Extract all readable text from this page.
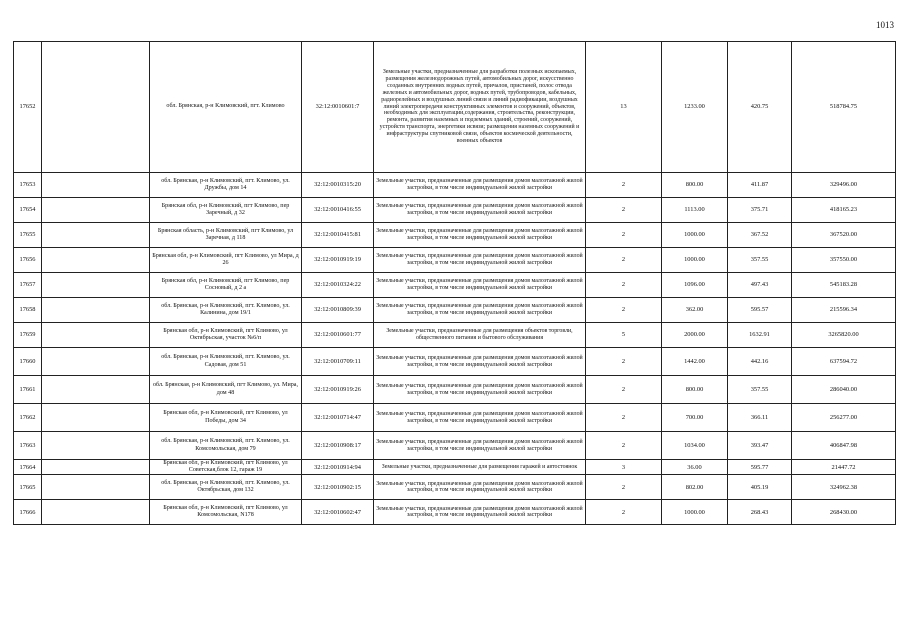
1013
17652		обл. Брянская, р-н Климовский, пгт. Климово	32:12:0010601:7	Земельные участки, предназначенные для разработки полезных ископаемых, размещения железнодорожных путей, автомобильных дорог, искусственно созданных внутренних водных путей, причалов, пристаней, полос отвода железных и автомобильных дорог, водных путей, трубопроводов, кабельных, радиорелейных и воздушных линий связи и линий радиофикации, воздушных линий электропередачи конструктивных элементов и сооружений, объектов, необходимых для эксплуатации,содержания, строительства, реконструкции, ремонта, развития наземных и подземных зданий, строений, сооружений, устройств транспорта, энергетики исвязи; размещения наземных сооружений и инфраструктуры спутниковой связи, объектов космической деятельности, военных объектов	13	1233.00	420.75	518784.75
17653		обл. Брянская, р-н Климовский, пгт. Климово, ул. Дружбы, дом 14	32:12:0010315:20	Земельные участки, предназначенные для размещения домов малоэтажной жилой застройки, в том числе индивидуальной жилой застройки	2	800.00	411.87	329496.00
17654		Брянская обл, р-н Климовский, пгт Климово, пер Заречный, д 32	32:12:0010416:55	Земельные участки, предназначенные для размещения домов малоэтажной жилой застройки, в том числе индивидуальной жилой застройки	2	1113.00	375.71	418165.23
17655		Брянская область, р-н Климовский, пгт Климово, ул Заречная, д 118	32:12:0010415:81	Земельные участки, предназначенные для размещения домов малоэтажной жилой застройки, в том числе индивидуальной жилой застройки	2	1000.00	367.52	367520.00
17656		Брянская обл, р-н Климовский, пгт Климово, ул Мира, д 26	32:12:0010919:19	Земельные участки, предназначенные для размещения домов малоэтажной жилой застройки, в том числе индивидуальной жилой застройки	2	1000.00	357.55	357550.00
17657		Брянская обл, р-н Климовский, пгт Климово, пер Сосновый, д 2 а	32:12:0010324:22	Земельные участки, предназначенные для размещения домов малоэтажной жилой застройки, в том числе индивидуальной жилой застройки	2	1096.00	497.43	545183.28
17658		обл. Брянская, р-н Климовский, пгт. Климово, ул. Калинина, дом 19/1	32:12:0010809:39	Земельные участки, предназначенные для размещения домов малоэтажной жилой застройки, в том числе индивидуальной жилой застройки	2	362.00	595.57	215596.34
17659		Брянская обл, р-н Климовский, пгт Климово, ул Октябрьская, участок №6/п	32:12:0010601:77	Земельные участки, предназначенные для размещения объектов торговли, общественного питания и бытового обслуживания	5	2000.00	1632.91	3265820.00
17660		обл. Брянская, р-н Климовский, пгт. Климово, ул. Садовая, дом 51	32:12:0010709:11	Земельные участки, предназначенные для размещения домов малоэтажной жилой застройки, в том числе индивидуальной жилой застройки	2	1442.00	442.16	637594.72
17661		обл. Брянская, р-н Климовский, пгт Климово, ул. Мира, дом 48	32:12:0010919:26	Земельные участки, предназначенные для размещения домов малоэтажной жилой застройки, в том числе индивидуальной жилой застройки	2	800.00	357.55	286040.00
17662		Брянская обл, р-н Климовский, пгт Климово, ул Победы, дом 34	32:12:0010714:47	Земельные участки, предназначенные для размещения домов малоэтажной жилой застройки, в том числе индивидуальной жилой застройки	2	700.00	366.11	256277.00
17663		обл. Брянская, р-н Климовский, пгт. Климово, ул. Комсомольская, дом 79	32:12:0010908:17	Земельные участки, предназначенные для размещения домов малоэтажной жилой застройки, в том числе индивидуальной жилой застройки	2	1034.00	393.47	406847.98
17664		Брянская обл, р-н Климовский, пгт Климово, ул Советская,блок 12, гараж 19	32:12:0010914:94	Земельные участки, предназначенные для размещения гаражей и автостоянок	3	36.00	595.77	21447.72
17665		обл. Брянская, р-н Климовский, пгт. Климово, ул. Октябрьская, дом 132	32:12:0010902:15	Земельные участки, предназначенные для размещения домов малоэтажной жилой застройки, в том числе индивидуальной жилой застройки	2	802.00	405.19	324962.38
17666		Брянская обл, р-н Климовский, пгт Климово, ул Комсомольская, N178	32:12:0010602:47	Земельные участки, предназначенные для размещения домов малоэтажной жилой застройки, в том числе индивидуальной жилой застройки	2	1000.00	268.43	268430.00
